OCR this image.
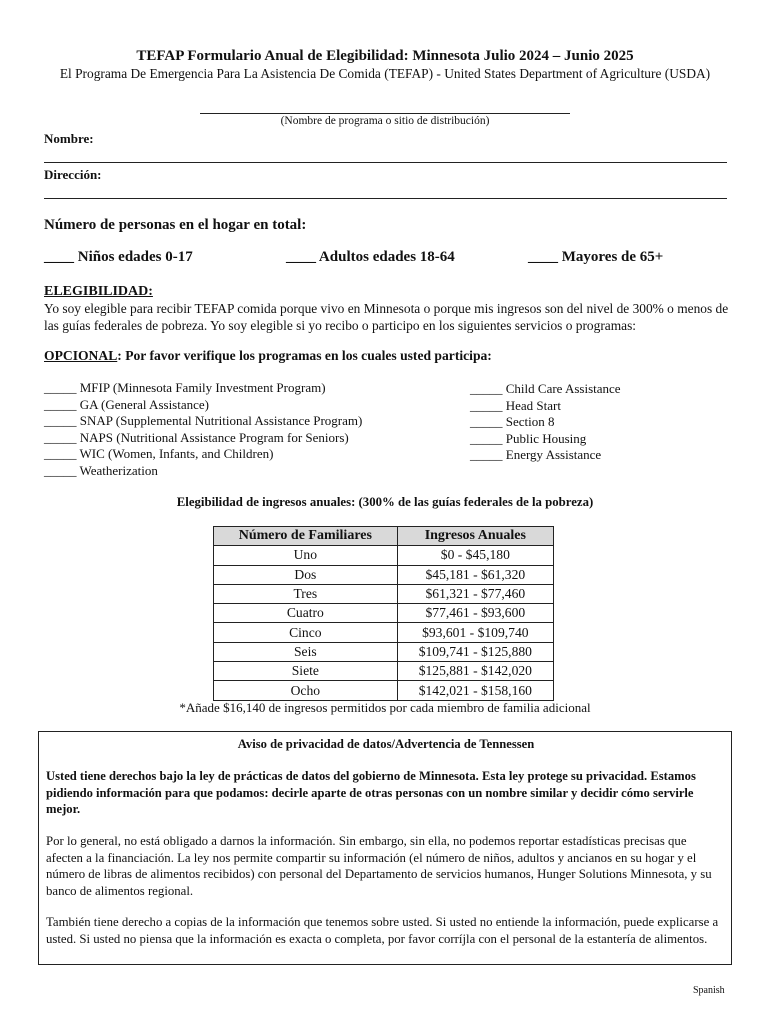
TEFAP Formulario Anual de Elegibilidad: Minnesota Julio 2024 – Junio 2025
El Programa De Emergencia Para La Asistencia De Comida (TEFAP) - United States Department of Agriculture (USDA)
(Nombre de programa o sitio de distribución)
Nombre:
Dirección:
Número de personas en el hogar en total:
____ Niños edades 0-17	____ Adultos edades 18-64	____ Mayores de 65+
ELEGIBILIDAD:
Yo soy elegible para recibir TEFAP comida porque vivo en Minnesota o porque mis ingresos son del nivel de 300% o menos de las guías federales de pobreza. Yo soy elegible si yo recibo o participo en los siguientes servicios o programas:
OPCIONAL: Por favor verifique los programas en los cuales usted participa:
_____ MFIP (Minnesota Family Investment Program)
_____ GA (General Assistance)
_____ SNAP (Supplemental Nutritional Assistance Program)
_____ NAPS (Nutritional Assistance Program for Seniors)
_____ WIC (Women, Infants, and Children)
_____ Weatherization
_____ Child Care Assistance
_____ Head Start
_____ Section 8
_____ Public Housing
_____ Energy Assistance
Elegibilidad de ingresos anuales: (300% de las guías federales de la pobreza)
Número de Familiares	Ingresos Anuales
Uno	$0 - $45,180
Dos	$45,181 - $61,320
Tres	$61,321 - $77,460
Cuatro	$77,461 - $93,600
Cinco	$93,601 - $109,740
Seis	$109,741 - $125,880
Siete	$125,881 - $142,020
Ocho	$142,021 - $158,160
*Añade $16,140 de ingresos permitidos por cada miembro de familia adicional
Aviso de privacidad de datos/Advertencia de Tennessen
Usted tiene derechos bajo la ley de prácticas de datos del gobierno de Minnesota. Esta ley protege su privacidad. Estamos pidiendo información para que podamos: decirle aparte de otras personas con un nombre similar y decidir cómo servirle mejor.
Por lo general, no está obligado a darnos la información. Sin embargo, sin ella, no podemos reportar estadísticas precisas que afecten a la financiación. La ley nos permite compartir su información (el número de niños, adultos y ancianos en su hogar y el número de libras de alimentos recibidos) con personal del Departamento de servicios humanos, Hunger Solutions Minnesota, y su banco de alimentos regional.
También tiene derecho a copias de la información que tenemos sobre usted. Si usted no entiende la información, puede explicarse a usted. Si usted no piensa que la información es exacta o completa, por favor corríjla con el personal de la estantería de alimentos.
Spanish
